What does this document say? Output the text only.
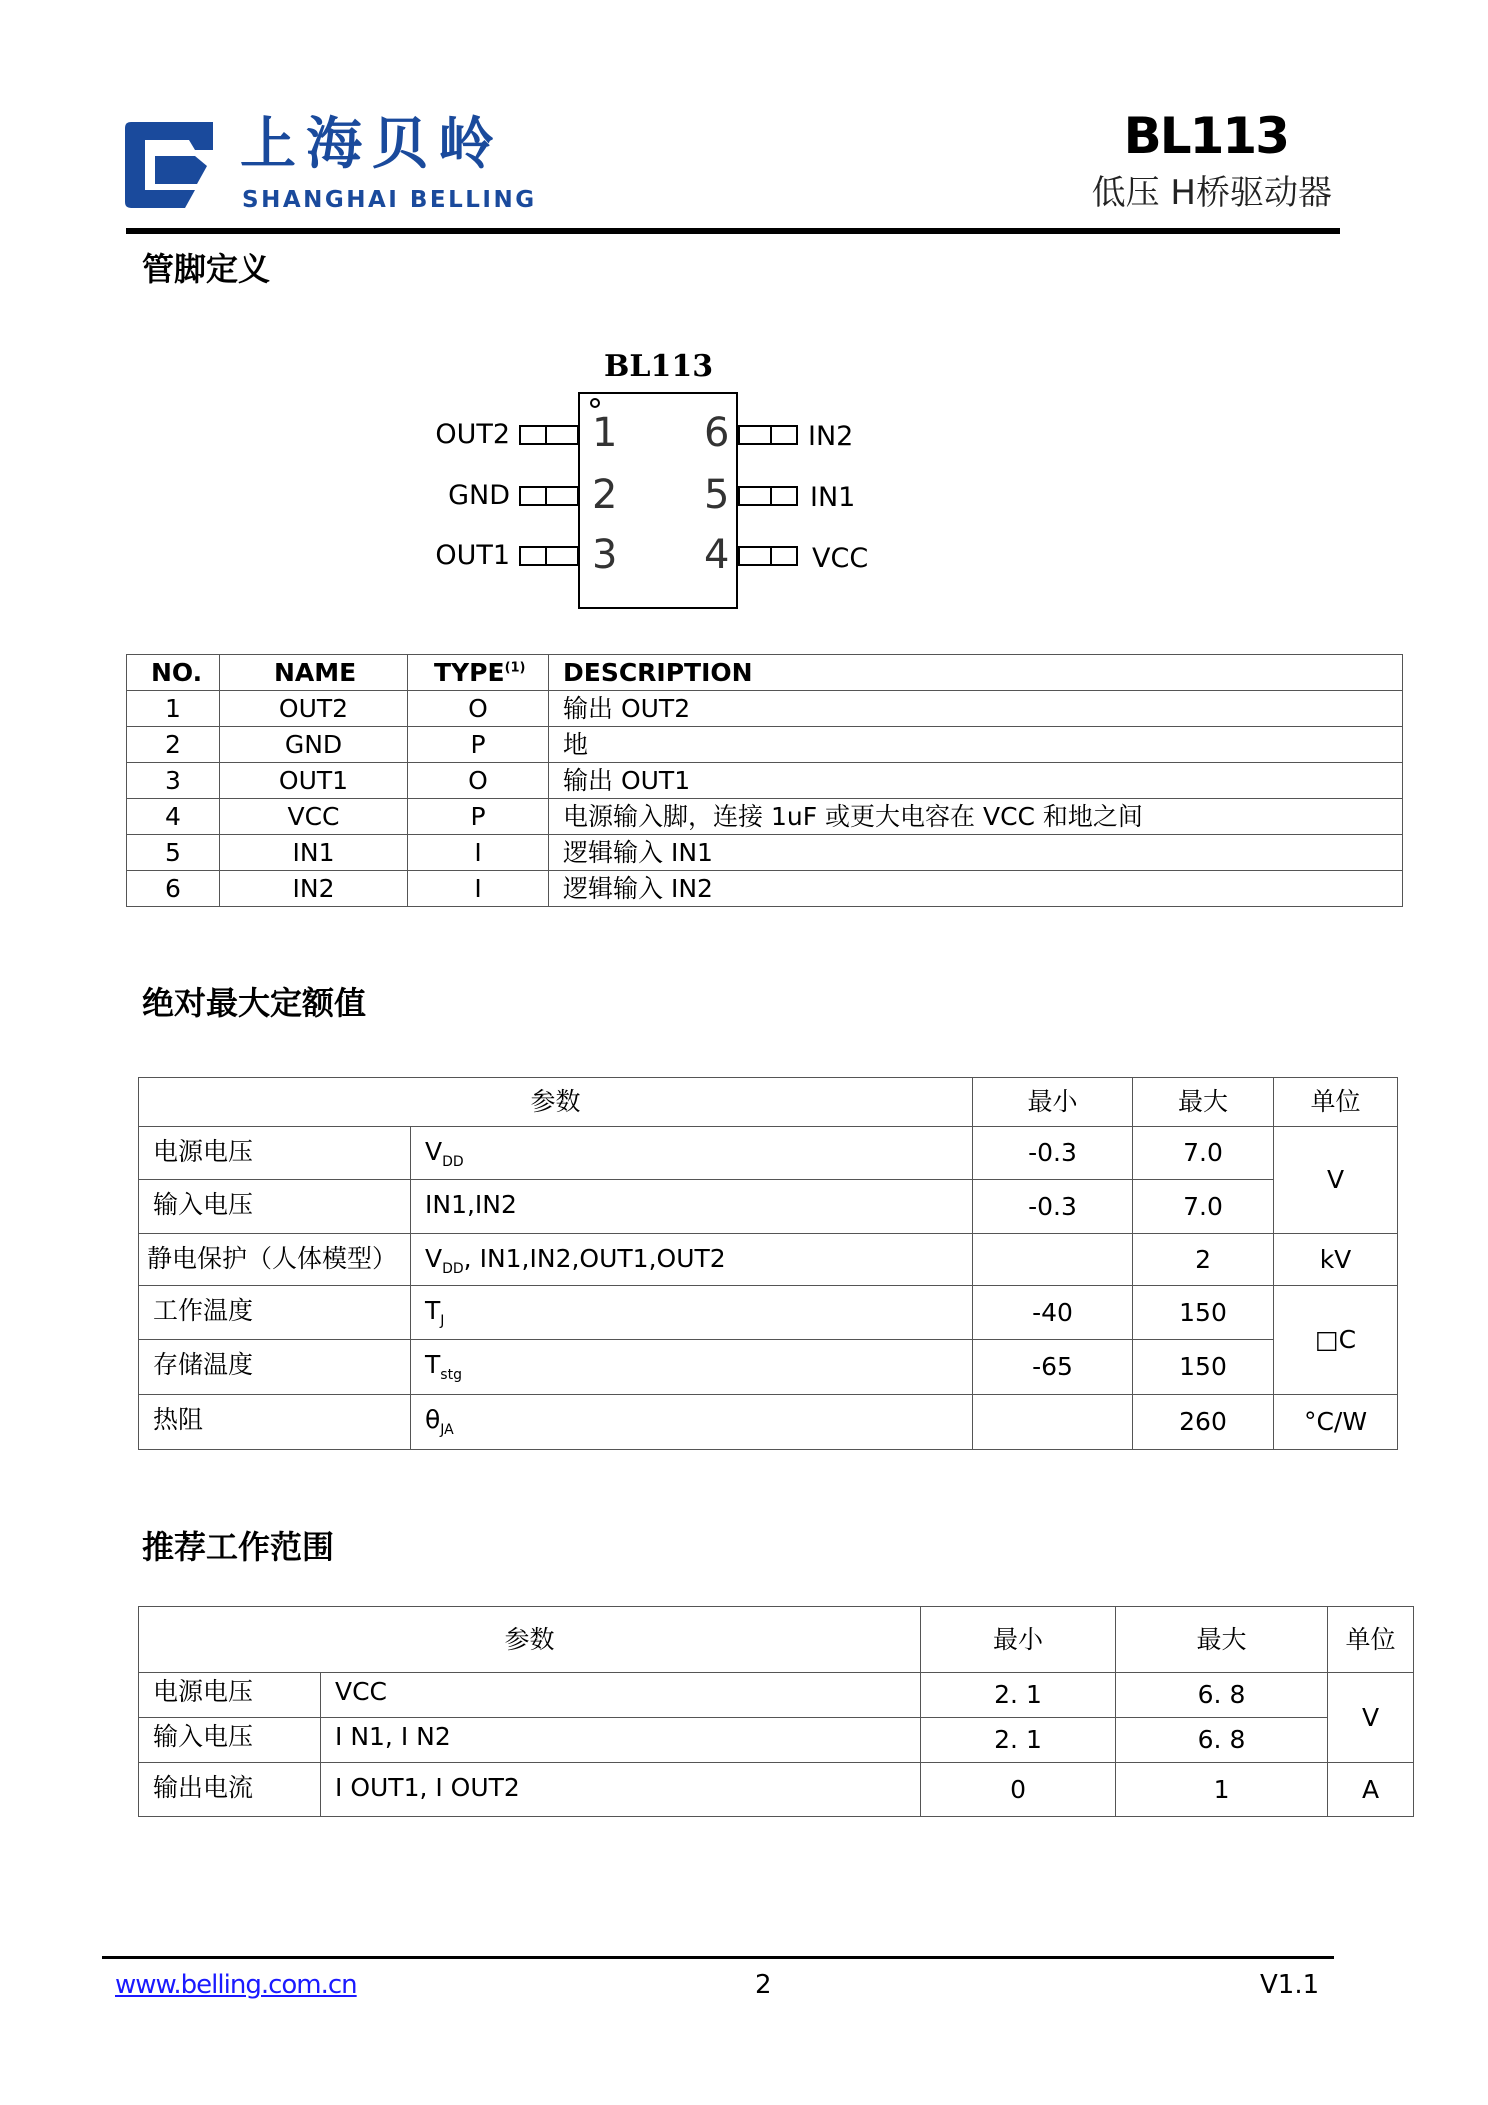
上海贝岭
SHANGHAI BELLING
BL113
低压 H桥驱动器
管脚定义
BL113
OUT2
GND
OUT1
1
2
3
6
5
4
IN2
IN1
VCC
NO.	NAME	TYPE$^{(1)}$	DESCRIPTION
1	OUT2	O	输出 OUT2
2	GND	P	地
3	OUT1	O	输出 OUT1
4	VCC	P	电源输入脚，连接 1uF 或更大电容在 VCC 和地之间
5	IN1	I	逻辑输入 IN1
6	IN2	I	逻辑输入 IN2
绝对最大定额值
参数		最小	最大	单位
电源电压	$V_{DD}$	-0.3	7.0	V
输入电压	IN1,IN2	-0.3	7.0	
静电保护（人体模型）	$V_{DD}$, IN1,IN2,OUT1,OUT2		2	kV
工作温度	$T_J$	-40	150	□C
存储温度	$T_{stg}$	-65	150	
热阻	$\theta_{JA}$		260	°C/W
推荐工作范围
参数		最小	最大	单位
电源电压	VCC	2. 1	6. 8	V
输入电压	I N1, I N2	2. 1	6. 8	
输出电流	I OUT1, I OUT2	0	1	A
www.belling.com.cn	2	V1.1
